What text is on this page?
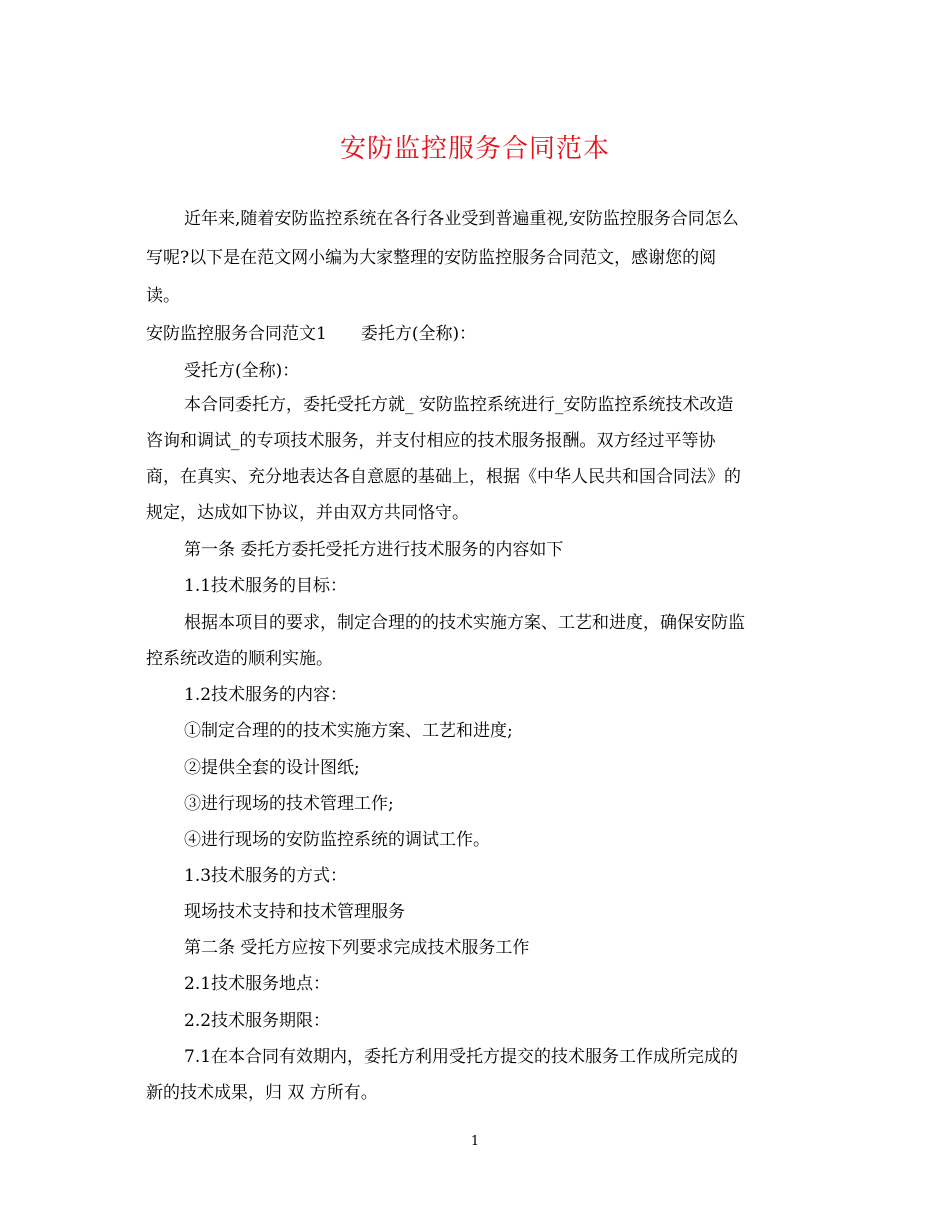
安防监控服务合同范本
近年来,随着安防监控系统在各行各业受到普遍重视,安防监控服务合同怎么
写呢?以下是在范文网小编为大家整理的安防监控服务合同范文，感谢您的阅
读。
安防监控服务合同范文1 委托方(全称)：
受托方(全称)：
本合同委托方，委托受托方就_ 安防监控系统进行_安防监控系统技术改造
咨询和调试_的专项技术服务，并支付相应的技术服务报酬。双方经过平等协
商，在真实、充分地表达各自意愿的基础上，根据《中华人民共和国合同法》的
规定，达成如下协议，并由双方共同恪守。
第一条 委托方委托受托方进行技术服务的内容如下
1.1技术服务的目标：
根据本项目的要求，制定合理的的技术实施方案、工艺和进度，确保安防监
控系统改造的顺利实施。
1.2技术服务的内容：
①制定合理的的技术实施方案、工艺和进度;
②提供全套的设计图纸;
③进行现场的技术管理工作;
④进行现场的安防监控系统的调试工作。
1.3技术服务的方式：
现场技术支持和技术管理服务
第二条 受托方应按下列要求完成技术服务工作
2.1技术服务地点：
2.2技术服务期限：
7.1在本合同有效期内，委托方利用受托方提交的技术服务工作成所完成的
新的技术成果，归 双 方所有。
1
